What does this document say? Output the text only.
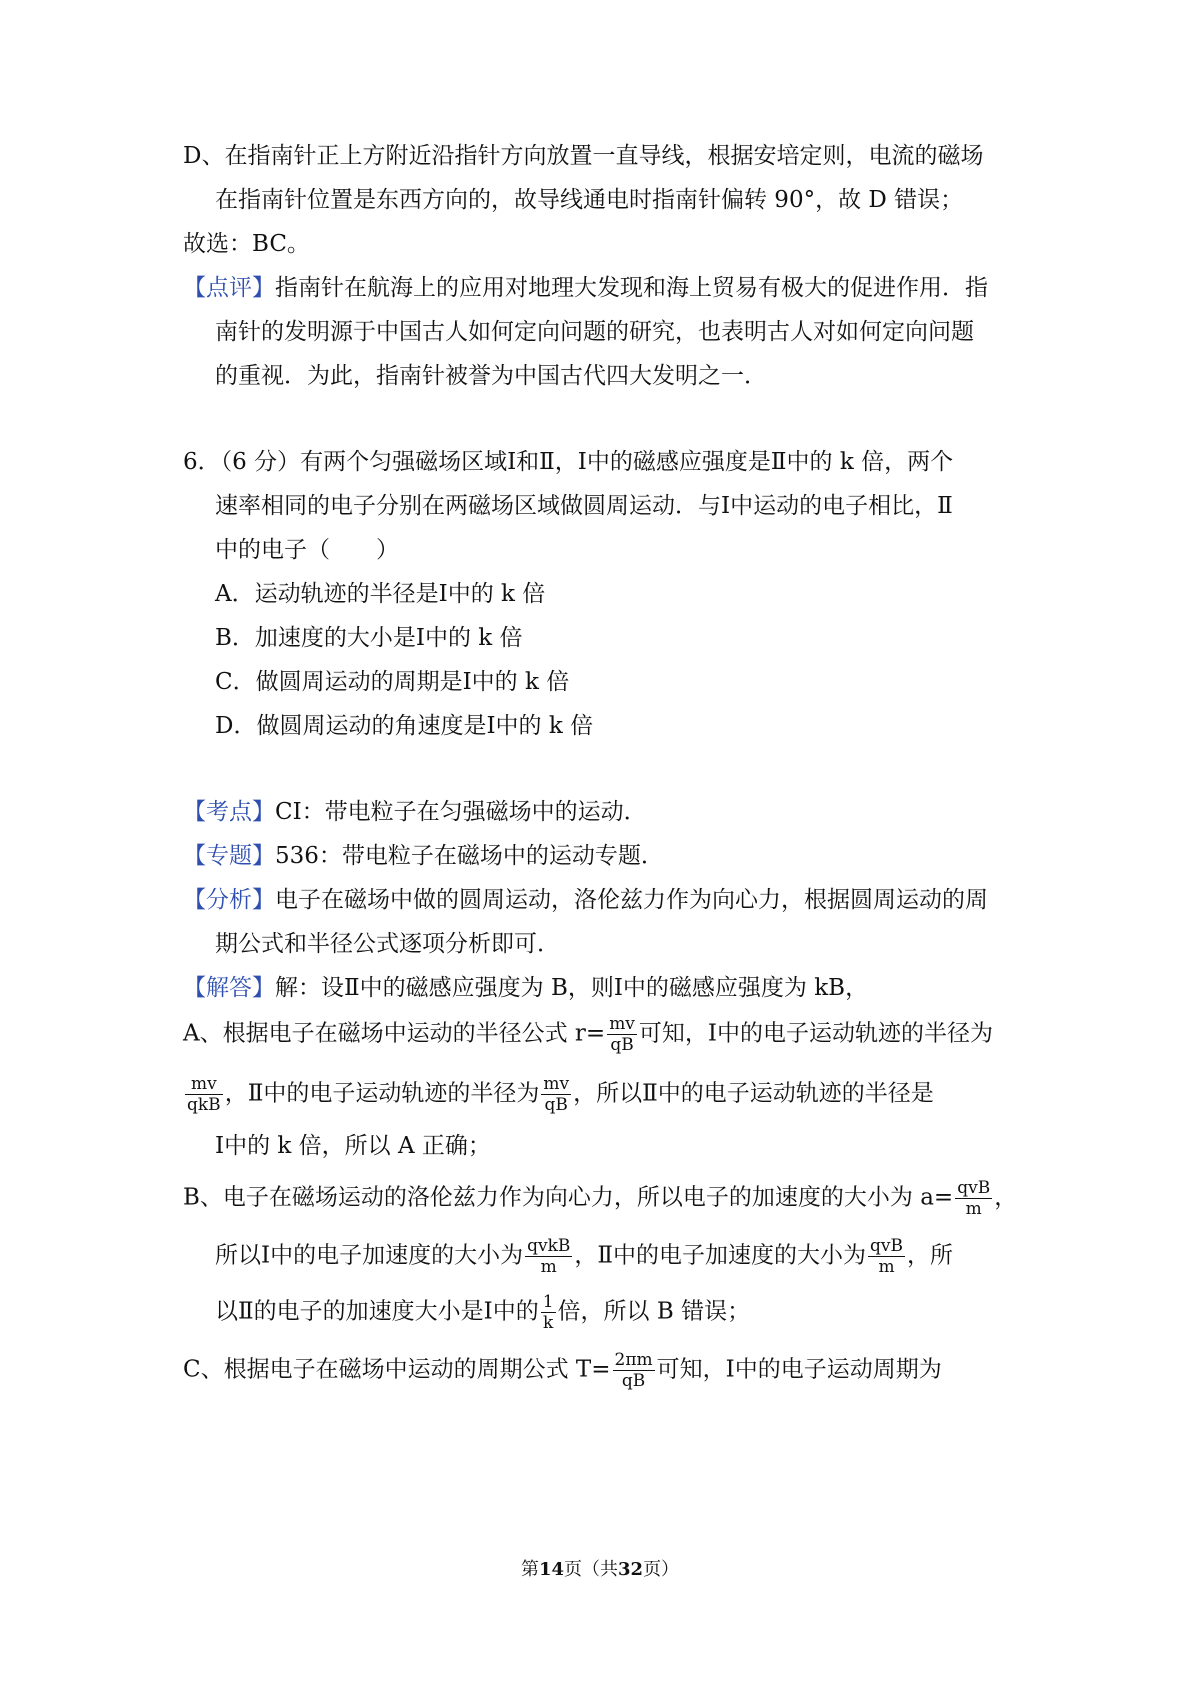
D、在指南针正上方附近沿指针方向放置一直导线，根据安培定则，电流的磁场
在指南针位置是东西方向的，故导线通电时指南针偏转 90°，故 D 错误；
故选：BC。
【点评】指南针在航海上的应用对地理大发现和海上贸易有极大的促进作用．指
南针的发明源于中国古人如何定向问题的研究，也表明古人对如何定向问题
的重视．为此，指南针被誉为中国古代四大发明之一．
6．（6 分）有两个匀强磁场区域Ⅰ和Ⅱ，Ⅰ中的磁感应强度是Ⅱ中的 k 倍，两个
速率相同的电子分别在两磁场区域做圆周运动．与Ⅰ中运动的电子相比，Ⅱ
中的电子（　　）
A．运动轨迹的半径是Ⅰ中的 k 倍
B．加速度的大小是Ⅰ中的 k 倍
C．做圆周运动的周期是Ⅰ中的 k 倍
D．做圆周运动的角速度是Ⅰ中的 k 倍
【考点】CI：带电粒子在匀强磁场中的运动．
【专题】536：带电粒子在磁场中的运动专题．
【分析】电子在磁场中做的圆周运动，洛伦兹力作为向心力，根据圆周运动的周
期公式和半径公式逐项分析即可．
【解答】解：设Ⅱ中的磁感应强度为 B，则Ⅰ中的磁感应强度为 kB，
A、根据电子在磁场中运动的半径公式 $r= \frac{mv}{qB}$ 可知，Ⅰ中的电子运动轨迹的半径为
$\frac{mv}{\text{qkB}}$ ，Ⅱ中的电子运动轨迹的半径为 $\frac{mv}{qB}$ ，所以Ⅱ中的电子运动轨迹的半径是
Ⅰ中的 k 倍，所以 A 正确；
B、电子在磁场运动的洛伦兹力作为向心力，所以电子的加速度的大小为 $a= \frac{\text{qvB}}{m}$ ，
所以Ⅰ中的电子加速度的大小为 $\frac{\text{qvkB}}{m}$ ，Ⅱ中的电子加速度的大小为 $\frac{\text{qvB}}{m}$ ，所
以Ⅱ的电子的加速度大小是Ⅰ中的 $\frac{1}{k}$ 倍，所以 B 错误；
C、根据电子在磁场中运动的周期公式 $T= \frac{2\pi m}{qB}$ 可知，Ⅰ中的电子运动周期为
第14页（共32页）
